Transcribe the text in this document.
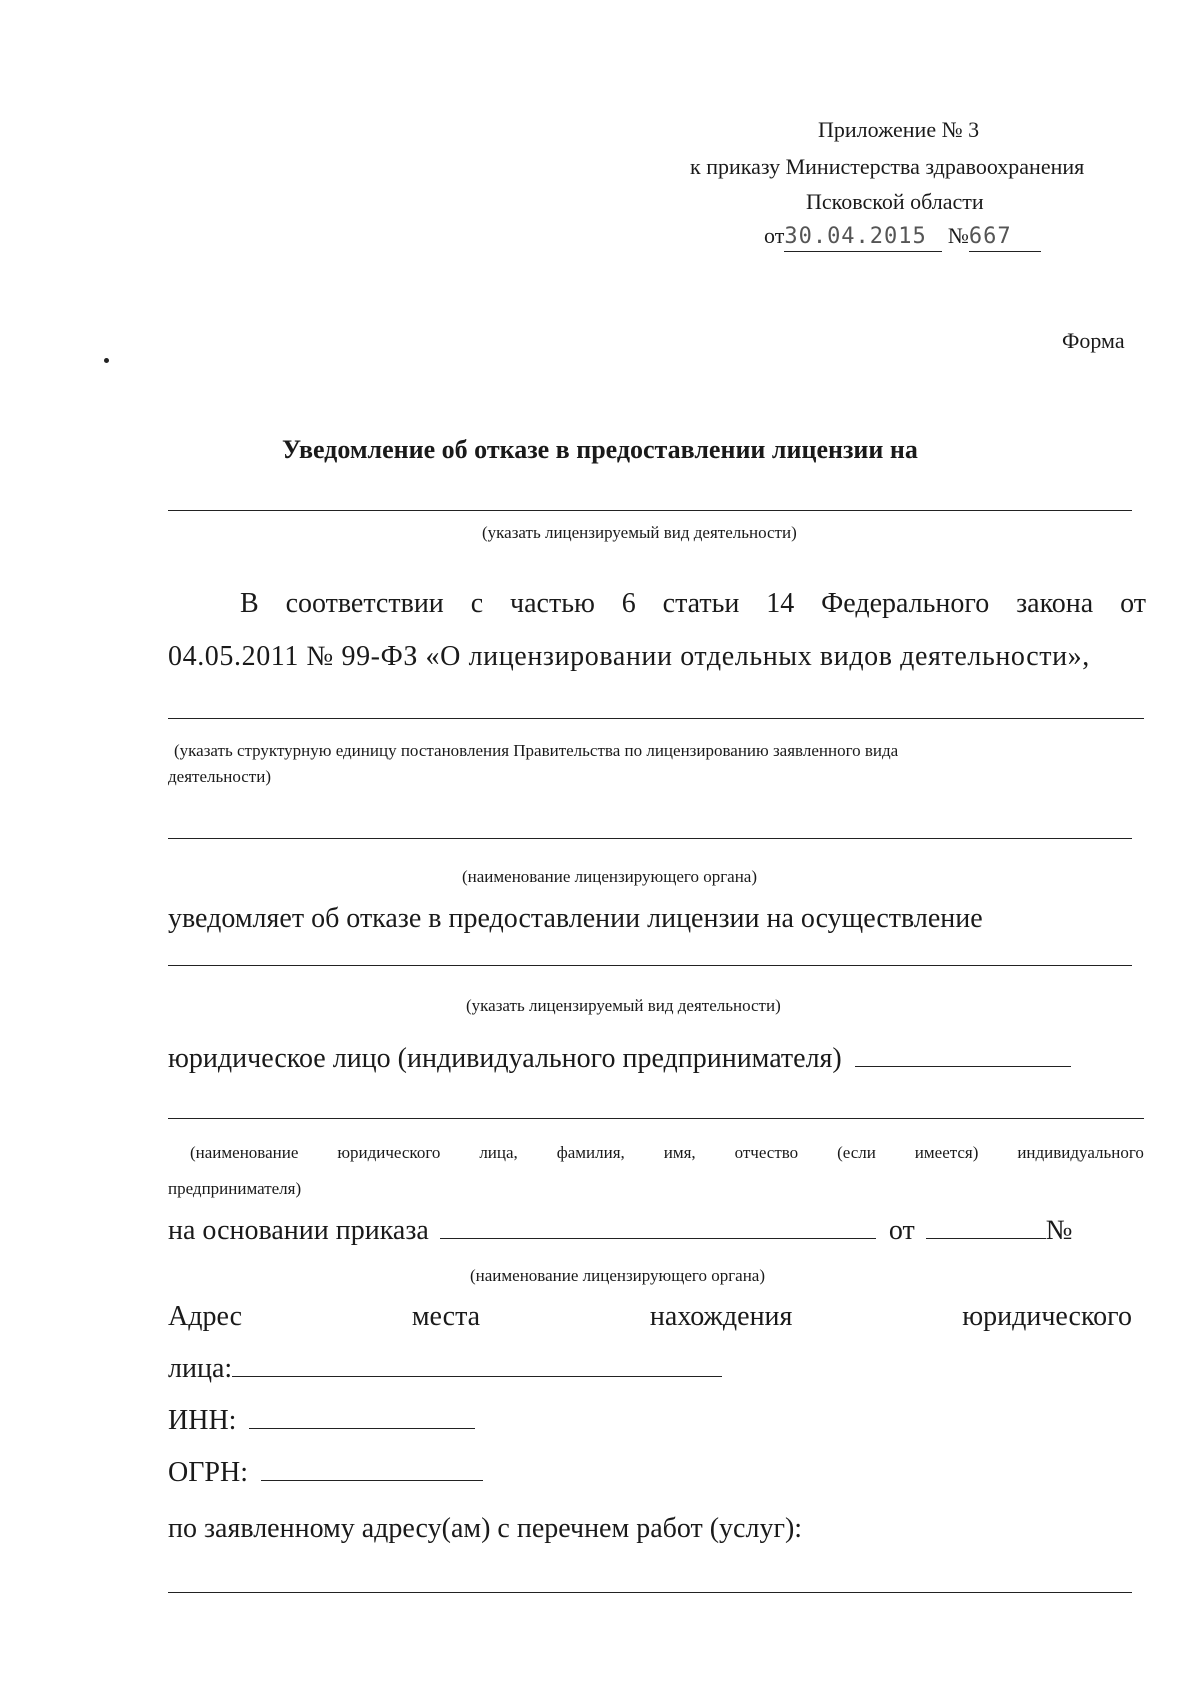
Приложение № 3
к приказу Министерства здравоохранения
Псковской области
от30.04.2015 №667
Форма
Уведомление об отказе в предоставлении лицензии на
(указать лицензируемый вид деятельности)
В соответствии с частью 6 статьи 14 Федерального закона от
04.05.2011 № 99-ФЗ «О лицензировании отдельных видов деятельности»,
(указать структурную единицу постановления Правительства по лицензированию заявленного вида
деятельности)
(наименование лицензирующего органа)
уведомляет об отказе в предоставлении лицензии на осуществление
(указать лицензируемый вид деятельности)
юридическое лицо (индивидуального предпринимателя)
(наименование юридического лица, фамилия, имя, отчество (если имеется) индивидуального
предпринимателя)
на основании приказа	от	№
(наименование лицензирующего органа)
Адрес	места	нахождения	юридического
лица:
ИНН:
ОГРН:
по заявленному адресу(ам) с перечнем работ (услуг):
